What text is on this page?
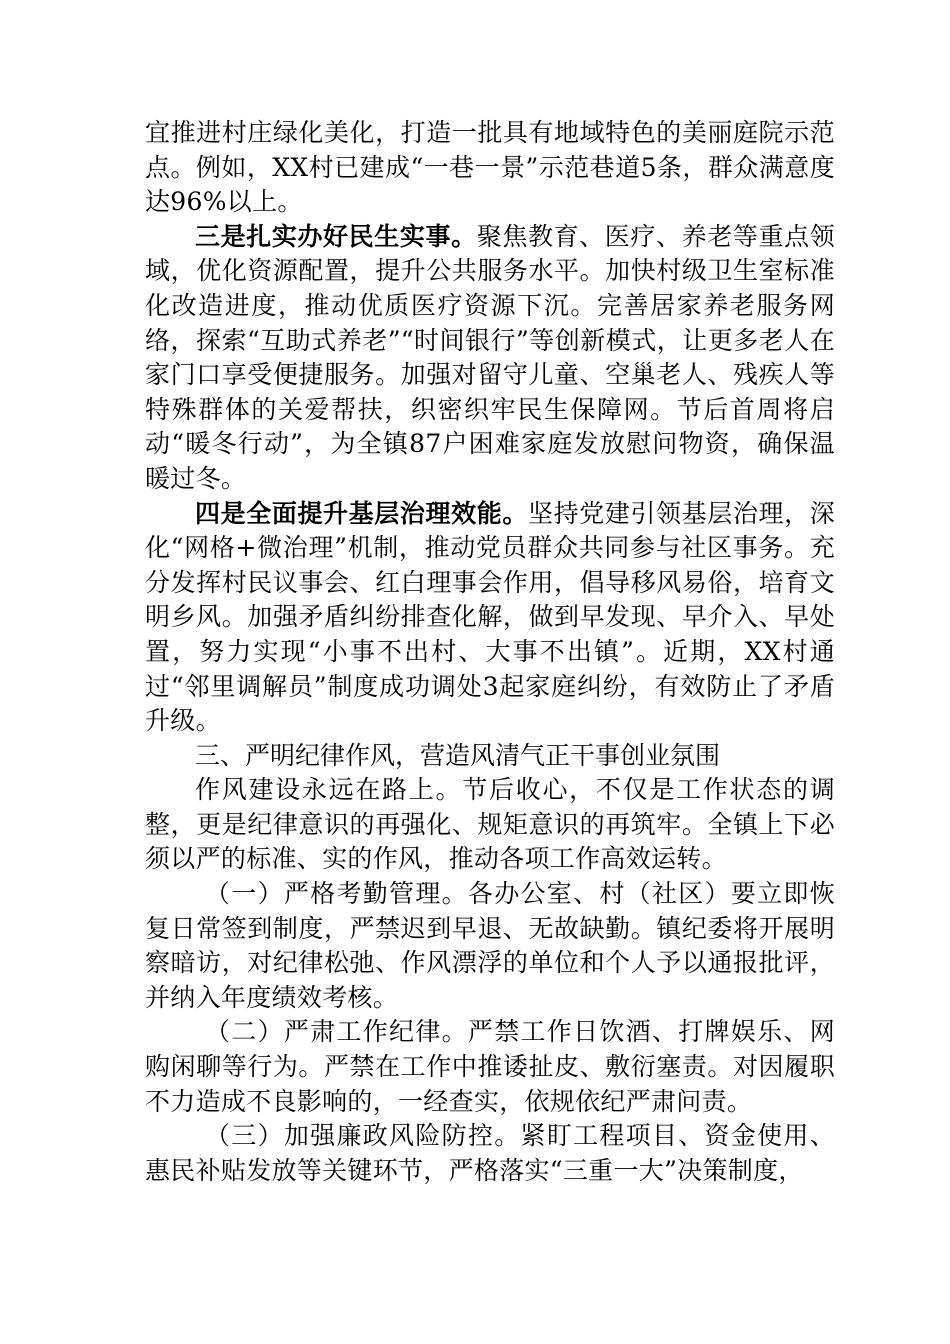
宜推进村庄绿化美化，打造一批具有地域特色的美丽庭院示范点。例如，XX村已建成“一巷一景”示范巷道5条，群众满意度达96%以上。

三是扎实办好民生实事。聚焦教育、医疗、养老等重点领域，优化资源配置，提升公共服务水平。加快村级卫生室标准化改造进度，推动优质医疗资源下沉。完善居家养老服务网络，探索“互助式养老”“时间银行”等创新模式，让更多老人在家门口享受便捷服务。加强对留守儿童、空巢老人、残疾人等特殊群体的关爱帮扶，织密织牢民生保障网。节后首周将启动“暖冬行动”，为全镇87户困难家庭发放慰问物资，确保温暖过冬。

四是全面提升基层治理效能。坚持党建引领基层治理，深化“网格+微治理”机制，推动党员群众共同参与社区事务。充分发挥村民议事会、红白理事会作用，倡导移风易俗，培育文明乡风。加强矛盾纠纷排查化解，做到早发现、早介入、早处置，努力实现“小事不出村、大事不出镇”。近期，XX村通过“邻里调解员”制度成功调处3起家庭纠纷，有效防止了矛盾升级。

三、严明纪律作风，营造风清气正干事创业氛围

作风建设永远在路上。节后收心，不仅是工作状态的调整，更是纪律意识的再强化、规矩意识的再筑牢。全镇上下必须以严的标准、实的作风，推动各项工作高效运转。

（一）严格考勤管理。各办公室、村（社区）要立即恢复日常签到制度，严禁迟到早退、无故缺勤。镇纪委将开展明察暗访，对纪律松弛、作风漂浮的单位和个人予以通报批评，并纳入年度绩效考核。

（二）严肃工作纪律。严禁工作日饮酒、打牌娱乐、网购闲聊等行为。严禁在工作中推诿扯皮、敷衍塞责。对因履职不力造成不良影响的，一经查实，依规依纪严肃问责。

（三）加强廉政风险防控。紧盯工程项目、资金使用、惠民补贴发放等关键环节，严格落实“三重一大”决策制度，
